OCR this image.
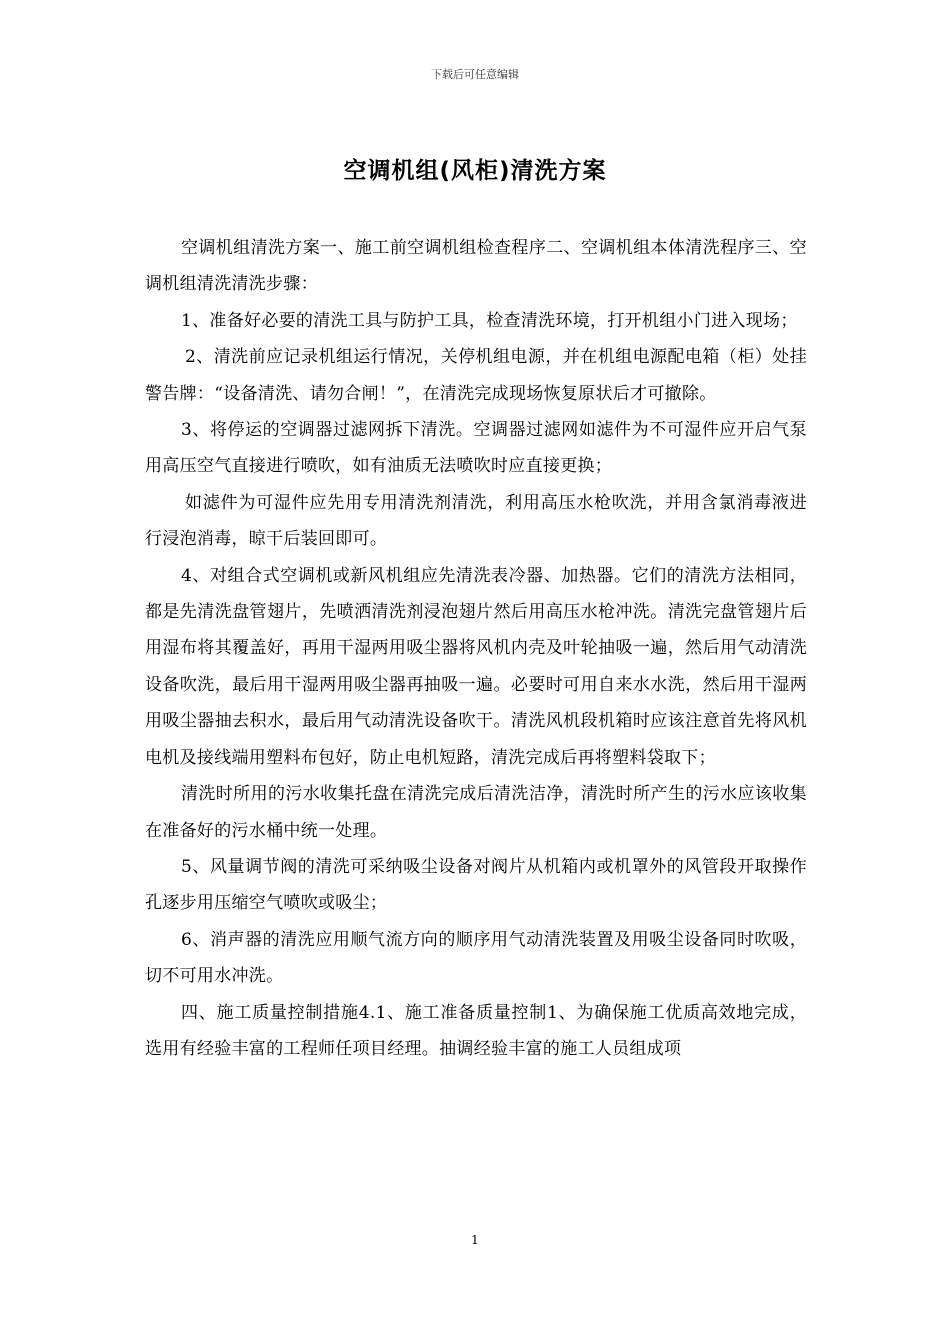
下载后可任意编辑
空调机组(风柜)清洗方案

空调机组清洗方案一、施工前空调机组检查程序二、空调机组本体清洗程序三、空调机组清洗清洗步骤：

1、准备好必要的清洗工具与防护工具，检查清洗环境，打开机组小门进入现场；

2、清洗前应记录机组运行情况，关停机组电源，并在机组电源配电箱（柜）处挂警告牌：“设备清洗、请勿合闸！”，在清洗完成现场恢复原状后才可撤除。

3、将停运的空调器过滤网拆下清洗。空调器过滤网如滤件为不可湿件应开启气泵用高压空气直接进行喷吹，如有油质无法喷吹时应直接更换；

如滤件为可湿件应先用专用清洗剂清洗，利用高压水枪吹洗，并用含氯消毒液进行浸泡消毒，晾干后装回即可。

4、对组合式空调机或新风机组应先清洗表冷器、加热器。它们的清洗方法相同，都是先清洗盘管翅片，先喷洒清洗剂浸泡翅片然后用高压水枪冲洗。清洗完盘管翅片后用湿布将其覆盖好，再用干湿两用吸尘器将风机内壳及叶轮抽吸一遍，然后用气动清洗设备吹洗，最后用干湿两用吸尘器再抽吸一遍。必要时可用自来水水洗，然后用干湿两用吸尘器抽去积水，最后用气动清洗设备吹干。清洗风机段机箱时应该注意首先将风机电机及接线端用塑料布包好，防止电机短路，清洗完成后再将塑料袋取下；

清洗时所用的污水收集托盘在清洗完成后清洗洁净，清洗时所产生的污水应该收集在准备好的污水桶中统一处理。

5、风量调节阀的清洗可采纳吸尘设备对阀片从机箱内或机罩外的风管段开取操作孔逐步用压缩空气喷吹或吸尘；

6、消声器的清洗应用顺气流方向的顺序用气动清洗装置及用吸尘设备同时吹吸，切不可用水冲洗。

四、施工质量控制措施4.1、施工准备质量控制1、为确保施工优质高效地完成，选用有经验丰富的工程师任项目经理。抽调经验丰富的施工人员组成项

1
